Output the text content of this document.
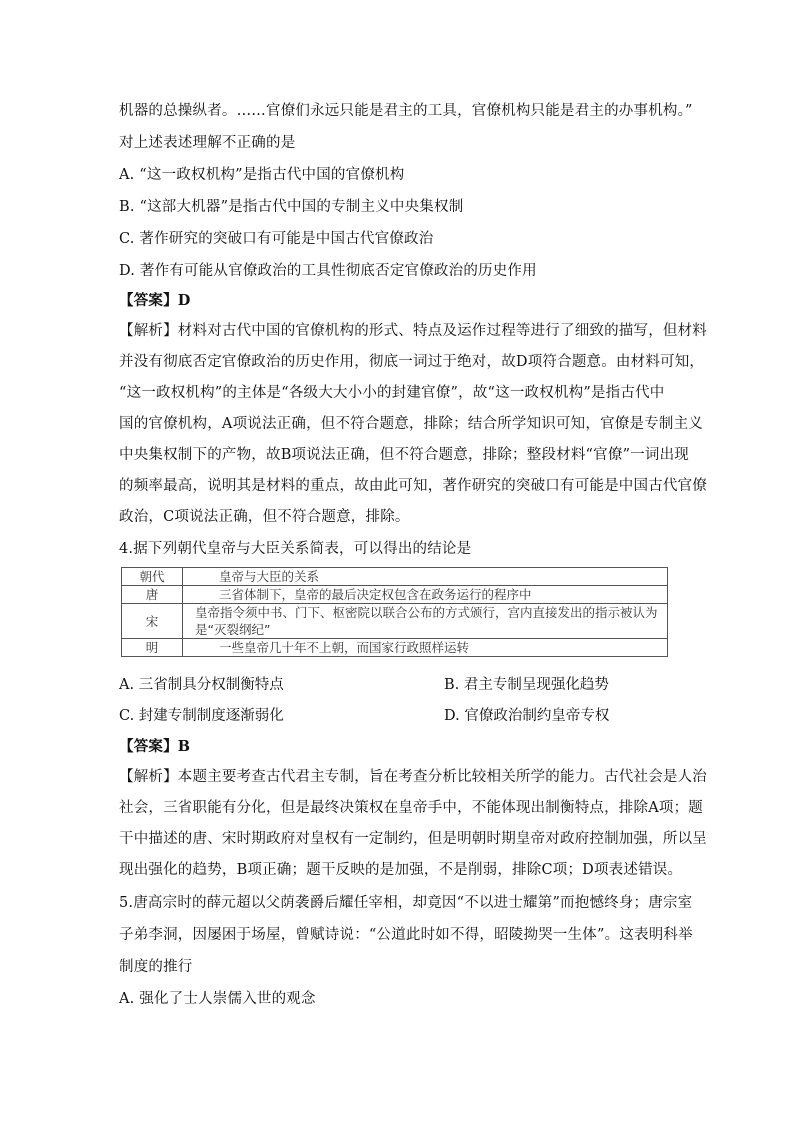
机器的总操纵者。……官僚们永远只能是君主的工具，官僚机构只能是君主的办事机构。”
对上述表述理解不正确的是
A. “这一政权机构”是指古代中国的官僚机构
B. “这部大机器”是指古代中国的专制主义中央集权制
C. 著作研究的突破口有可能是中国古代官僚政治
D. 著作有可能从官僚政治的工具性彻底否定官僚政治的历史作用
【答案】D
【解析】材料对古代中国的官僚机构的形式、特点及运作过程等进行了细致的描写，但材料
并没有彻底否定官僚政治的历史作用，彻底一词过于绝对，故D项符合题意。由材料可知，
“这一政权机构”的主体是“各级大大小小的封建官僚”，故“这一政权机构”是指古代中
国的官僚机构，A项说法正确，但不符合题意，排除；结合所学知识可知，官僚是专制主义
中央集权制下的产物，故B项说法正确，但不符合题意，排除；整段材料“官僚”一词出现
的频率最高，说明其是材料的重点，故由此可知，著作研究的突破口有可能是中国古代官僚
政治，C项说法正确，但不符合题意，排除。
4.据下列朝代皇帝与大臣关系简表，可以得出的结论是
朝代	皇帝与大臣的关系
唐	三省体制下，皇帝的最后决定权包含在政务运行的程序中
宋	皇帝指令须中书、门下、枢密院以联合公布的方式颁行，宫内直接发出的指示被认为是“灭裂纲纪”
明	一些皇帝几十年不上朝，而国家行政照样运转
A. 三省制具分权制衡特点	B. 君主专制呈现强化趋势
C. 封建专制制度逐渐弱化	D. 官僚政治制约皇帝专权
【答案】B
【解析】本题主要考查古代君主专制，旨在考查分析比较相关所学的能力。古代社会是人治
社会，三省职能有分化，但是最终决策权在皇帝手中，不能体现出制衡特点，排除A项；题
干中描述的唐、宋时期政府对皇权有一定制约，但是明朝时期皇帝对政府控制加强，所以呈
现出强化的趋势，B项正确；题干反映的是加强，不是削弱，排除C项；D项表述错误。
5.唐高宗时的薛元超以父荫袭爵后耀任宰相，却竟因“不以进士耀第”而抱憾终身；唐宗室
子弟李洞，因屡困于场屋，曾赋诗说：“公道此时如不得，昭陵拗哭一生体”。这表明科举
制度的推行
A. 强化了士人崇儒入世的观念
